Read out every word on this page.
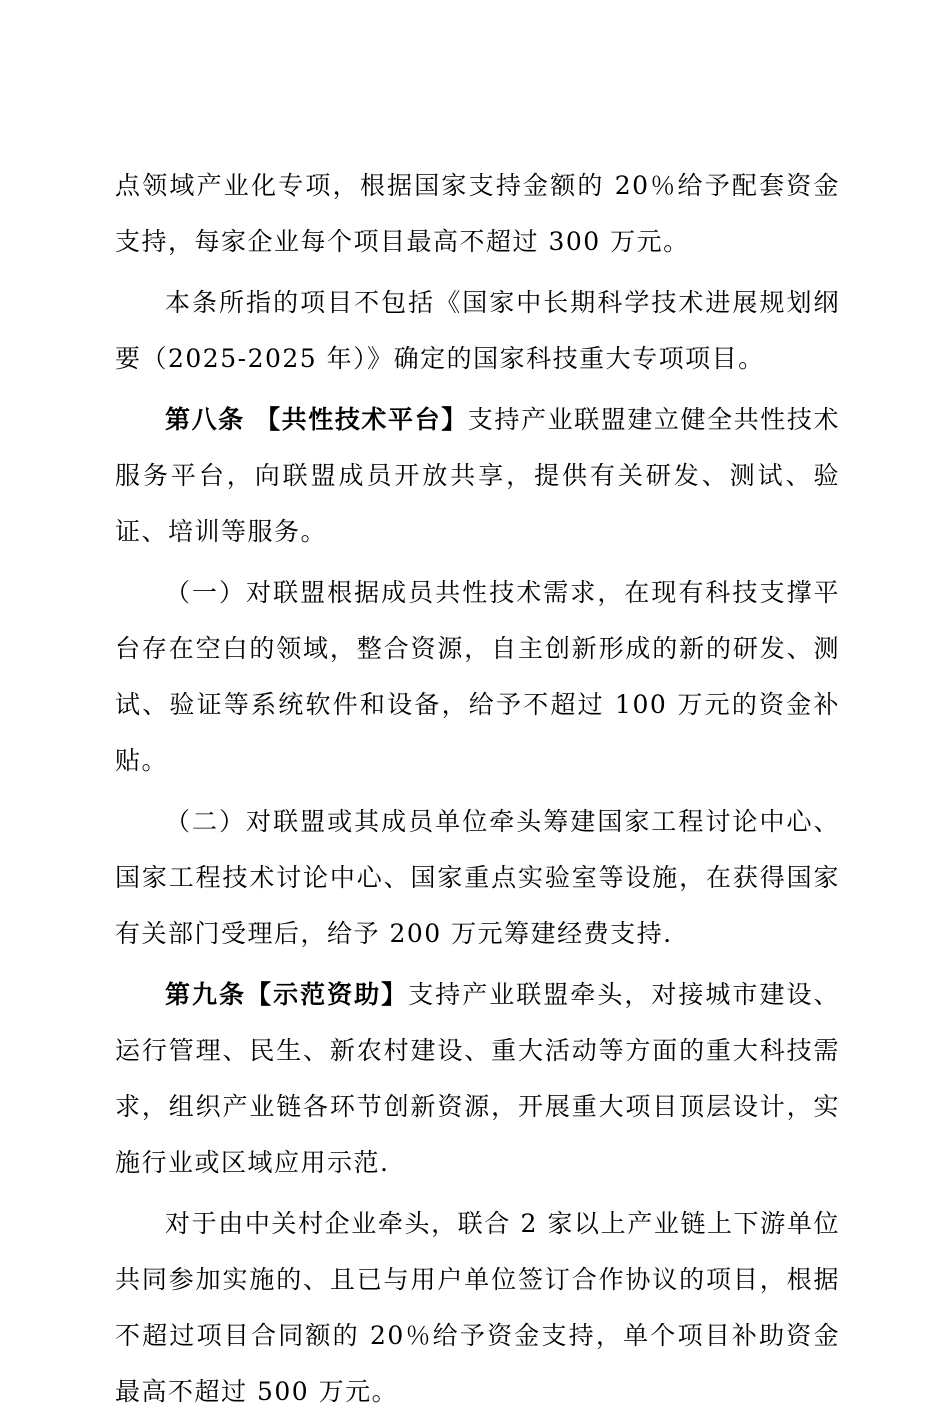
点领域产业化专项，根据国家支持金额的 20％给予配套资金支持，每家企业每个项目最高不超过 300 万元。

本条所指的项目不包括《国家中长期科学技术进展规划纲要（2025-2025 年）》确定的国家科技重大专项项目。

第八条 【共性技术平台】支持产业联盟建立健全共性技术服务平台，向联盟成员开放共享，提供有关研发、测试、验证、培训等服务。

（一）对联盟根据成员共性技术需求，在现有科技支撑平台存在空白的领域，整合资源，自主创新形成的新的研发、测试、验证等系统软件和设备，给予不超过 100 万元的资金补贴。

（二）对联盟或其成员单位牵头筹建国家工程讨论中心、国家工程技术讨论中心、国家重点实验室等设施，在获得国家有关部门受理后，给予 200 万元筹建经费支持.

第九条【示范资助】支持产业联盟牵头，对接城市建设、运行管理、民生、新农村建设、重大活动等方面的重大科技需求，组织产业链各环节创新资源，开展重大项目顶层设计，实施行业或区域应用示范.

对于由中关村企业牵头，联合 2 家以上产业链上下游单位共同参加实施的、且已与用户单位签订合作协议的项目，根据不超过项目合同额的 20％给予资金支持，单个项目补助资金最高不超过 500 万元。
